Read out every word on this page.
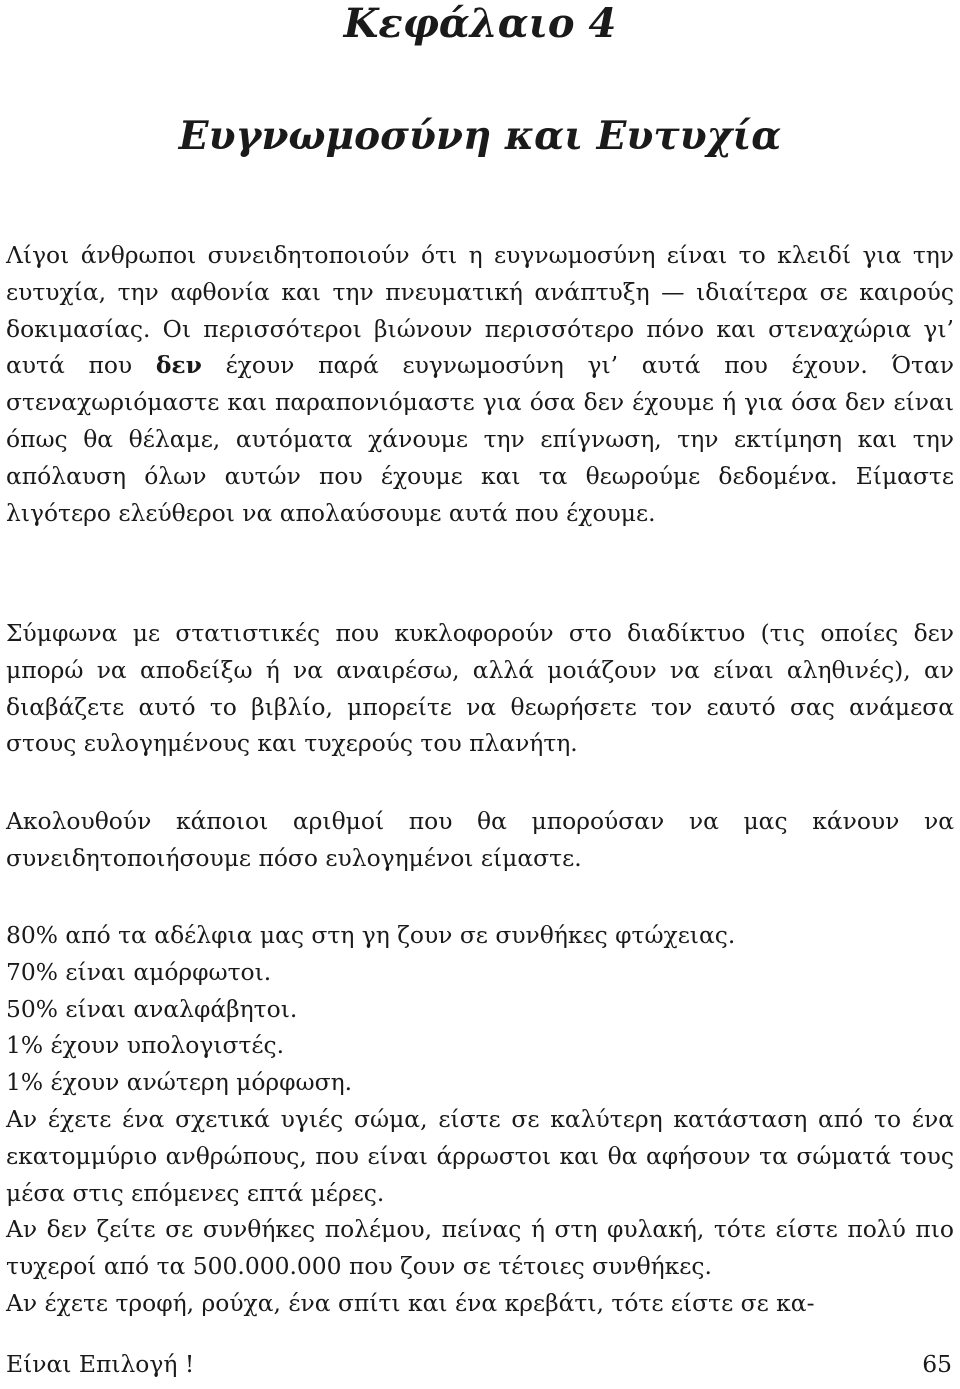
Κεφάλαιο 4
Ευγνωμοσύνη και Ευτυχία

Λίγοι άνθρωποι συνειδητοποιούν ότι η ευγνωμοσύνη είναι το κλειδί για την ευτυχία, την αφθονία και την πνευματική ανάπτυξη — ιδιαίτερα σε καιρούς δοκιμασίας. Οι περισσότεροι βιώνουν περισσότερο πόνο και στεναχώρια γι’ αυτά που δεν έχουν παρά ευγνωμοσύνη γι’ αυτά που έχουν. Όταν στεναχωριόμαστε και παραπονιόμαστε για όσα δεν έχουμε ή για όσα δεν είναι όπως θα θέλαμε, αυτόματα χάνουμε την επίγνωση, την εκτίμηση και την απόλαυση όλων αυτών που έχουμε και τα θεωρούμε δεδομένα. Είμαστε λιγότερο ελεύθεροι να απολαύσουμε αυτά που έχουμε.

Σύμφωνα με στατιστικές που κυκλοφορούν στο διαδίκτυο (τις οποίες δεν μπορώ να αποδείξω ή να αναιρέσω, αλλά μοιάζουν να είναι αληθινές), αν διαβάζετε αυτό το βιβλίο, μπορείτε να θεωρήσετε τον εαυτό σας ανάμεσα στους ευλογημένους και τυχερούς του πλανήτη.

Ακολουθούν κάποιοι αριθμοί που θα μπορούσαν να μας κάνουν να συνειδητοποιήσουμε πόσο ευλογημένοι είμαστε.

80% από τα αδέλφια μας στη γη ζουν σε συνθήκες φτώχειας.
70% είναι αμόρφωτοι.
50% είναι αναλφάβητοι.
1% έχουν υπολογιστές.
1% έχουν ανώτερη μόρφωση.
Αν έχετε ένα σχετικά υγιές σώμα, είστε σε καλύτερη κατάσταση από το ένα εκατομμύριο ανθρώπους, που είναι άρρωστοι και θα αφήσουν τα σώματά τους μέσα στις επόμενες επτά μέρες.
Αν δεν ζείτε σε συνθήκες πολέμου, πείνας ή στη φυλακή, τότε είστε πολύ πιο τυχεροί από τα 500.000.000 που ζουν σε τέτοιες συνθήκες.
Αν έχετε τροφή, ρούχα, ένα σπίτι και ένα κρεβάτι, τότε είστε σε κα-
Είναι Επιλογή !	65
